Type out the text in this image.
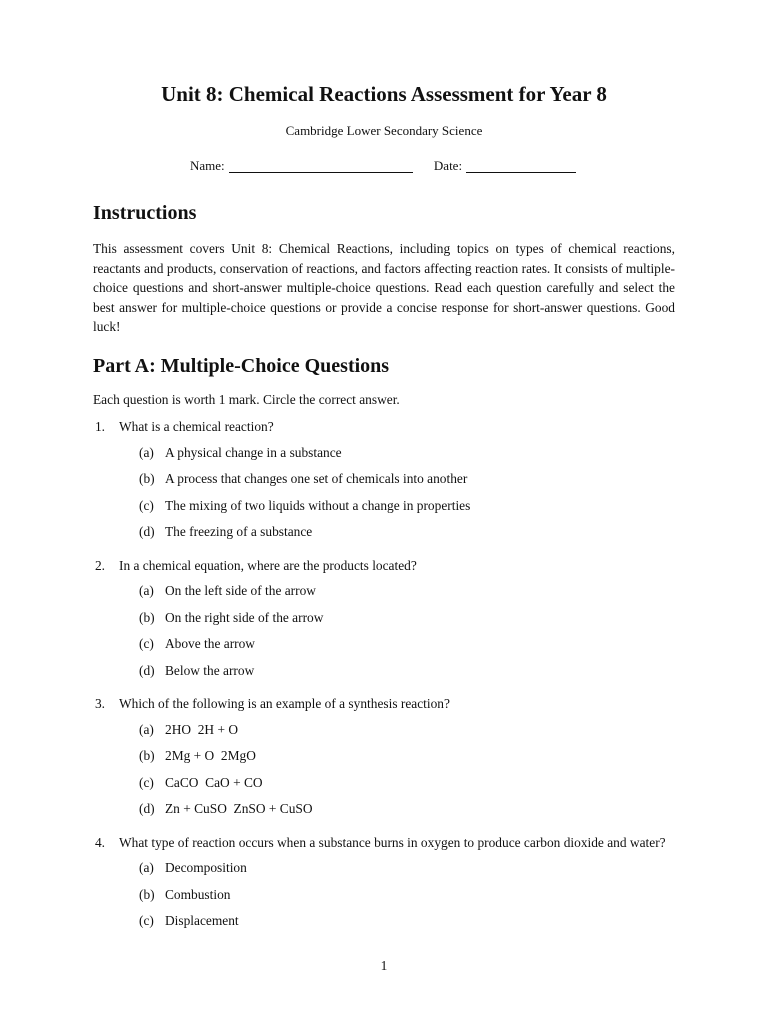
Unit 8: Chemical Reactions Assessment for Year 8
Cambridge Lower Secondary Science
Name:	Date:
Instructions

This assessment covers Unit 8: Chemical Reactions, including topics on types of chemical reactions, reactants and products, conservation of reactions, and factors affecting reaction rates. It consists of multiple-choice questions and short-answer multiple-choice questions. Read each question carefully and select the best answer for multiple-choice questions or provide a concise response for short-answer questions. Good luck!

Part A: Multiple-Choice Questions

Each question is worth 1 mark. Circle the correct answer.

1. What is a chemical reaction?
(a) A physical change in a substance
(b) A process that changes one set of chemicals into another
(c) The mixing of two liquids without a change in properties
(d) The freezing of a substance
2. In a chemical equation, where are the products located?
(a) On the left side of the arrow
(b) On the right side of the arrow
(c) Above the arrow
(d) Below the arrow
3. Which of the following is an example of a synthesis reaction?
(a) 2HO  2H + O
(b) 2Mg + O  2MgO
(c) CaCO  CaO + CO
(d) Zn + CuSO  ZnSO + CuSO
4. What type of reaction occurs when a substance burns in oxygen to produce carbon dioxide and water?
(a) Decomposition
(b) Combustion
(c) Displacement
1
